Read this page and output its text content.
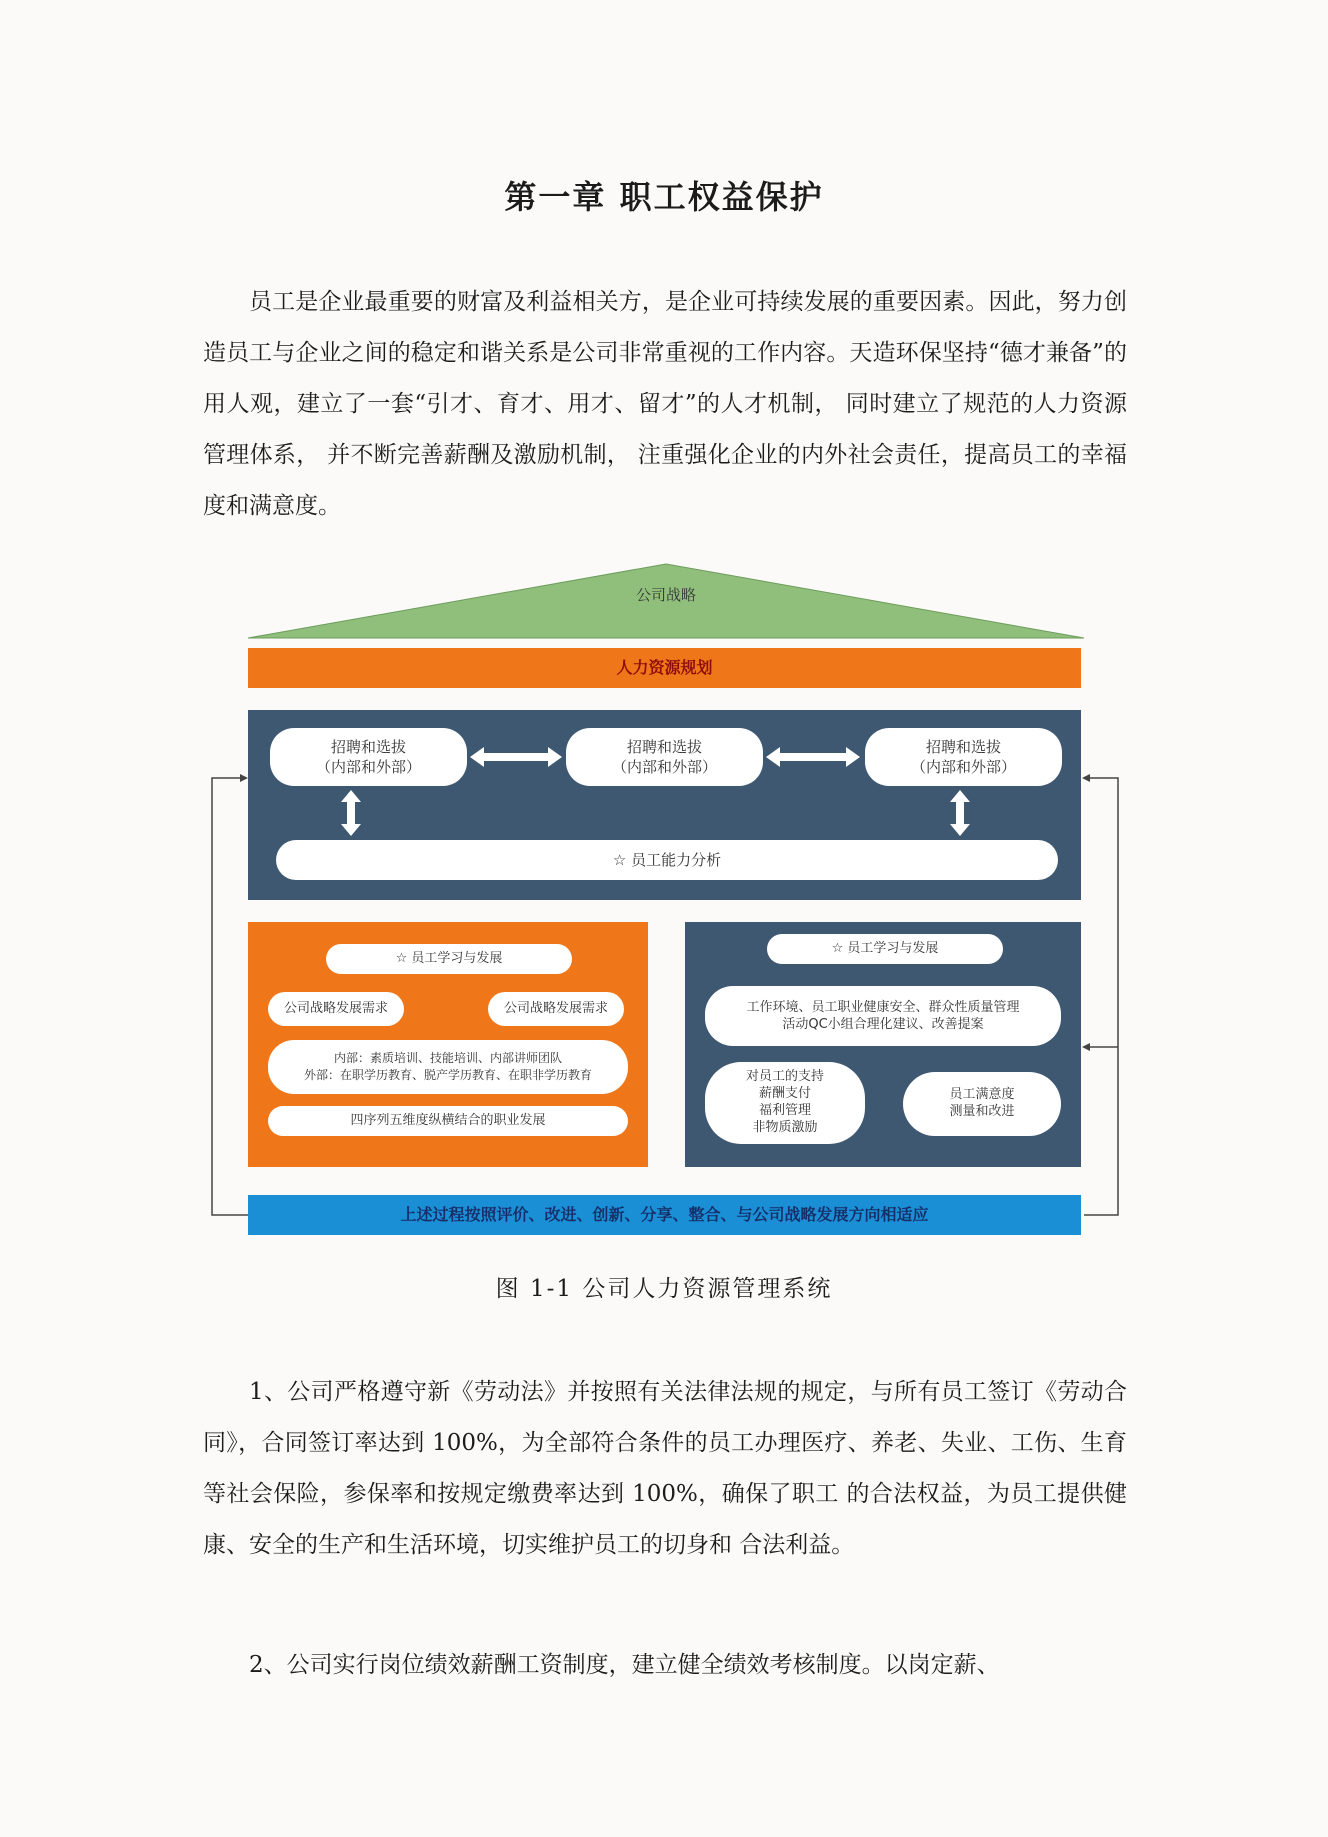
第一章 职工权益保护

员工是企业最重要的财富及利益相关方，是企业可持续发展的重要因素。因此，努力创造员工与企业之间的稳定和谐关系是公司非常重视的工作内容。天造环保坚持“德才兼备”的用人观，建立了一套“引才、育才、用才、留才”的人才机制， 同时建立了规范的人力资源管理体系， 并不断完善薪酬及激励机制， 注重强化企业的内外社会责任，提高员工的幸福度和满意度。

公司战略
人力资源规划
招聘和选拔
（内部和外部）
招聘和选拔
（内部和外部）
招聘和选拔
（内部和外部）
☆ 员工能力分析
☆ 员工学习与发展
公司战略发展需求	公司战略发展需求
内部：素质培训、技能培训、内部讲师团队
外部：在职学历教育、脱产学历教育、在职非学历教育
四序列五维度纵横结合的职业发展
☆ 员工学习与发展
工作环境、员工职业健康安全、群众性质量管理
活动QC小组合理化建议、改善提案
对员工的支持
薪酬支付
福利管理
非物质激励
员工满意度
测量和改进
上述过程按照评价、改进、创新、分享、整合、与公司战略发展方向相适应
图 1-1 公司人力资源管理系统

1、公司严格遵守新《劳动法》并按照有关法律法规的规定，与所有员工签订《劳动合同》，合同签订率达到 100%，为全部符合条件的员工办理医疗、养老、失业、工伤、生育等社会保险，参保率和按规定缴费率达到 100%，确保了职工 的合法权益，为员工提供健康、安全的生产和生活环境，切实维护员工的切身和 合法利益。

2、公司实行岗位绩效薪酬工资制度，建立健全绩效考核制度。以岗定薪、
